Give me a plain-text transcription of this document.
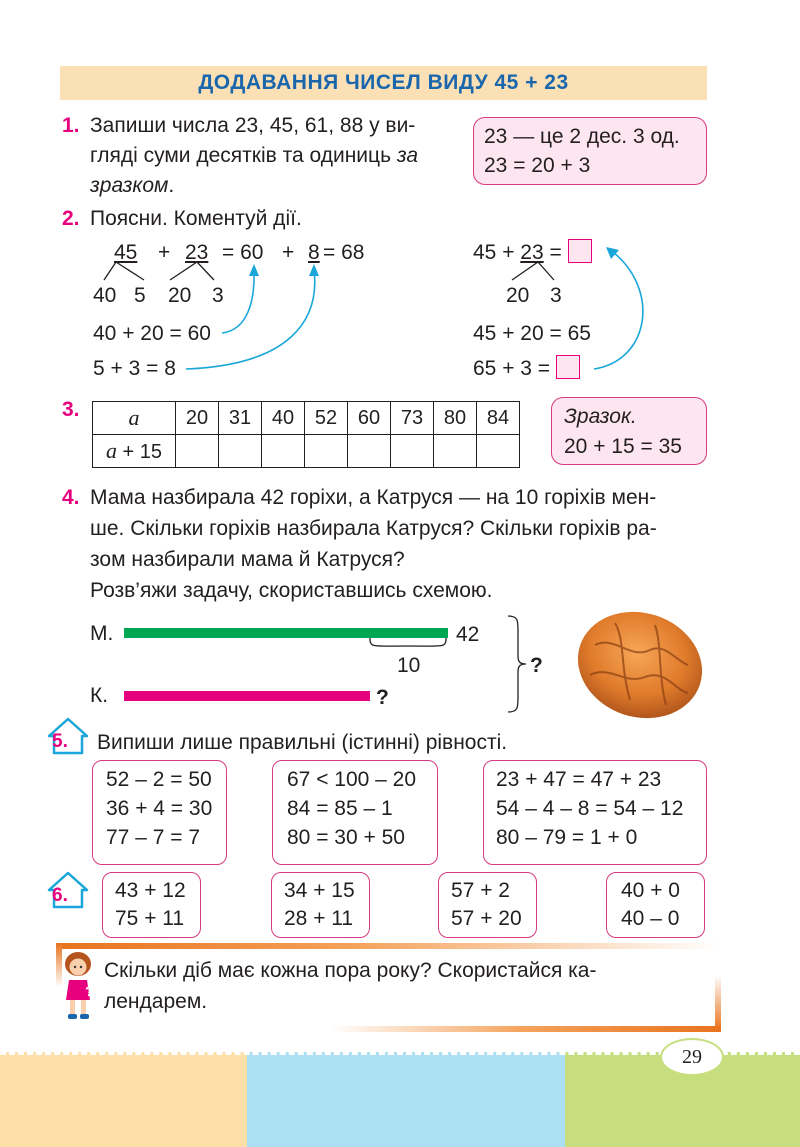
ДОДАВАННЯ ЧИСЕЛ ВИДУ 45 + 23
1. Запиши числа 23, 45, 61, 88 у ви-
гляді суми десятків та одиниць за
зразком.
23 — це 2 дес. 3 од.
23 = 20 + 3
2. Поясни. Коментуй дії.
45 + 23 = 60 + 8 = 68
40 5 20 3
40 + 20 = 60
5 + 3 = 8
45 + 23 =
20 3
45 + 20 = 65
65 + 3 =
3. a	20	31	40	52	60	73	80	84
a + 15								
Зразок.
20 + 15 = 35
4. Мама назбирала 42 горіхи, а Катруся — на 10 горіхів мен-
ше. Скільки горіхів назбирала Катруся? Скільки горіхів ра-
зом назбирали мама й Катруся?
Розв’яжи задачу, скориставшись схемою.
М.	42
10
К.	?
?
5. Випиши лише правильні (істинні) рівності.
52 – 2 = 50
36 + 4 = 30
77 – 7 = 7
67 < 100 – 20
84 = 85 – 1
80 = 30 + 50
23 + 47 = 47 + 23
54 – 4 – 8 = 54 – 12
80 – 79 = 1 + 0
6. 43 + 12
75 + 11
34 + 15
28 + 11
57 + 2
57 + 20
40 + 0
40 – 0
?
Скільки діб має кожна пора року? Скористайся ка-
лендарем.
29
